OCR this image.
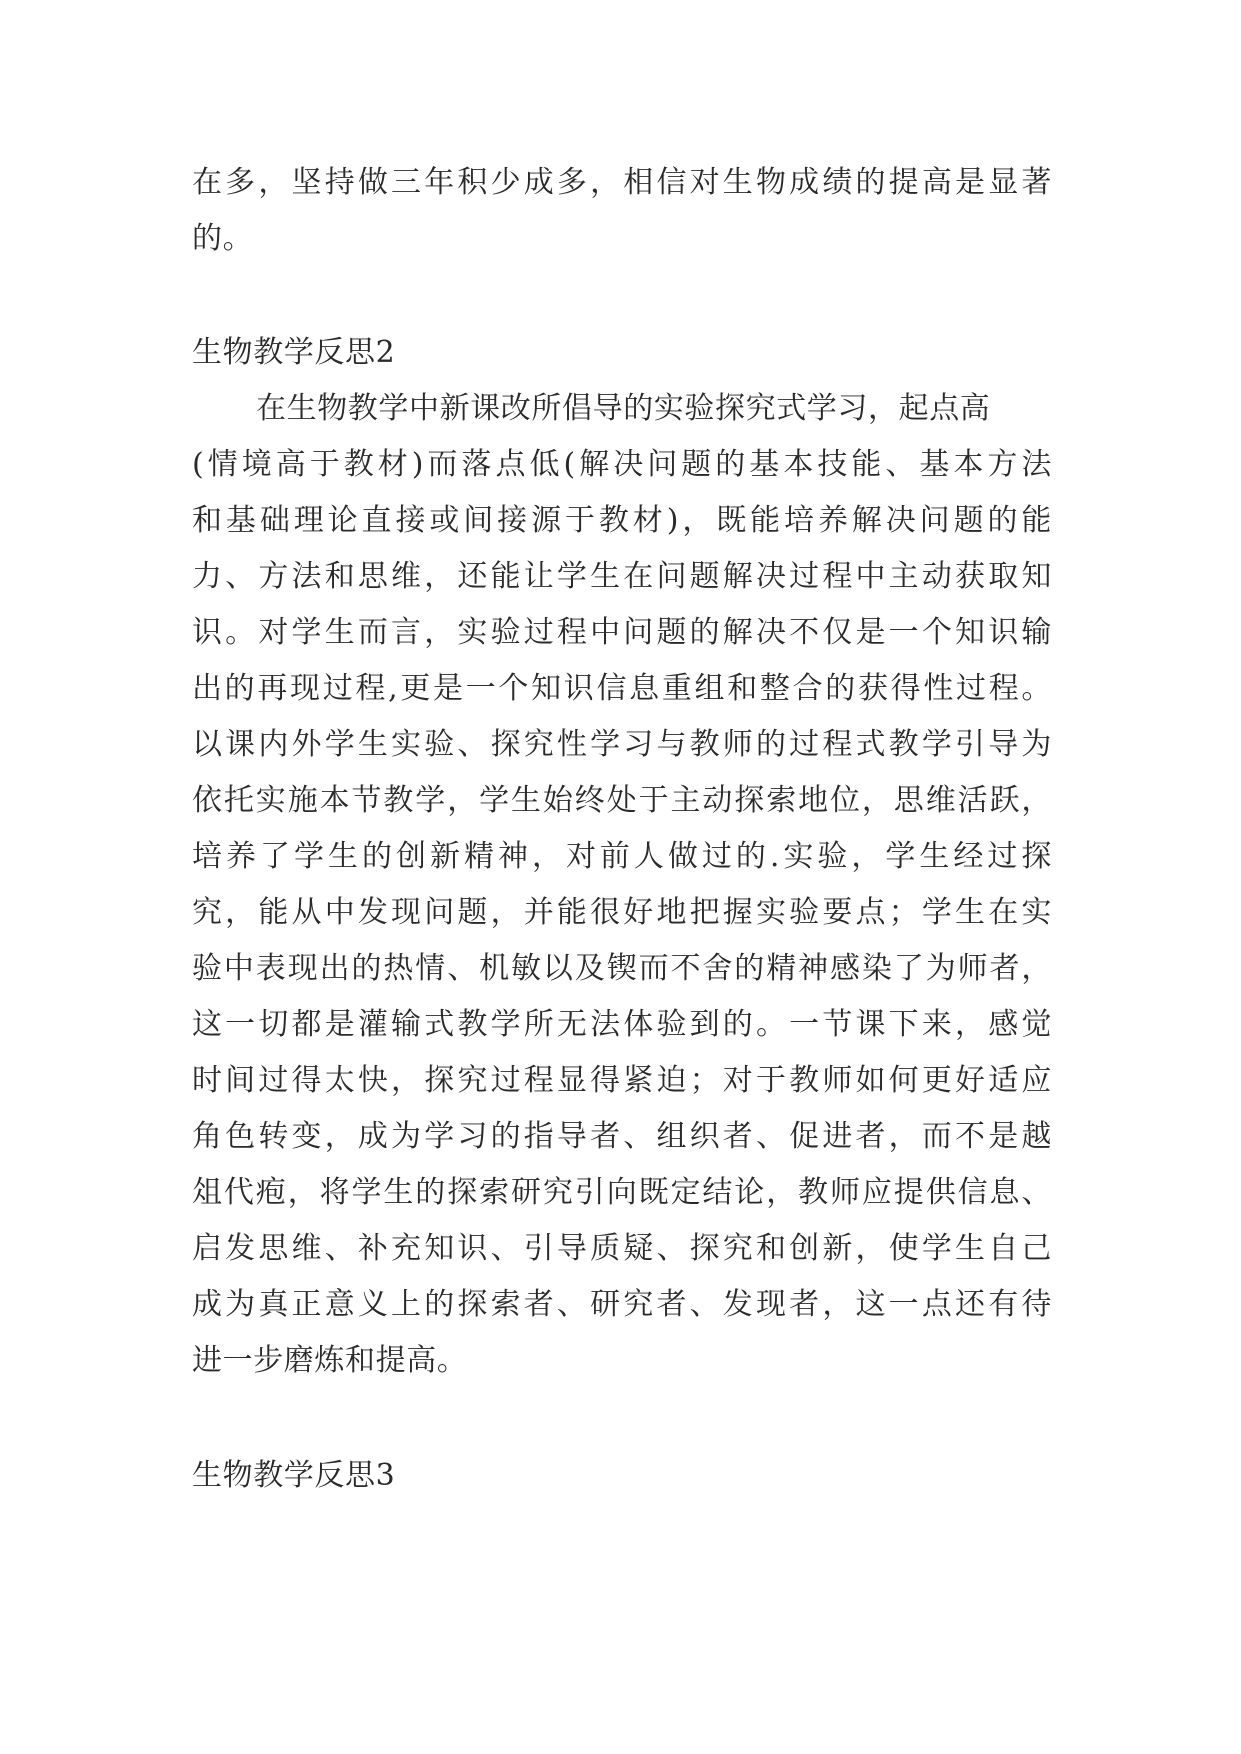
在多，坚持做三年积少成多，相信对生物成绩的提高是显著
的。
生物教学反思2
在生物教学中新课改所倡导的实验探究式学习，起点高
(情境高于教材)而落点低(解决问题的基本技能、基本方法
和基础理论直接或间接源于教材)，既能培养解决问题的能
力、方法和思维，还能让学生在问题解决过程中主动获取知
识。对学生而言，实验过程中问题的解决不仅是一个知识输
出的再现过程,更是一个知识信息重组和整合的获得性过程。
以课内外学生实验、探究性学习与教师的过程式教学引导为
依托实施本节教学，学生始终处于主动探索地位，思维活跃，
培养了学生的创新精神，对前人做过的.实验，学生经过探
究，能从中发现问题，并能很好地把握实验要点；学生在实
验中表现出的热情、机敏以及锲而不舍的精神感染了为师者，
这一切都是灌输式教学所无法体验到的。一节课下来，感觉
时间过得太快，探究过程显得紧迫；对于教师如何更好适应
角色转变，成为学习的指导者、组织者、促进者，而不是越
俎代疱，将学生的探索研究引向既定结论，教师应提供信息、
启发思维、补充知识、引导质疑、探究和创新，使学生自己
成为真正意义上的探索者、研究者、发现者，这一点还有待
进一步磨炼和提高。
生物教学反思3
